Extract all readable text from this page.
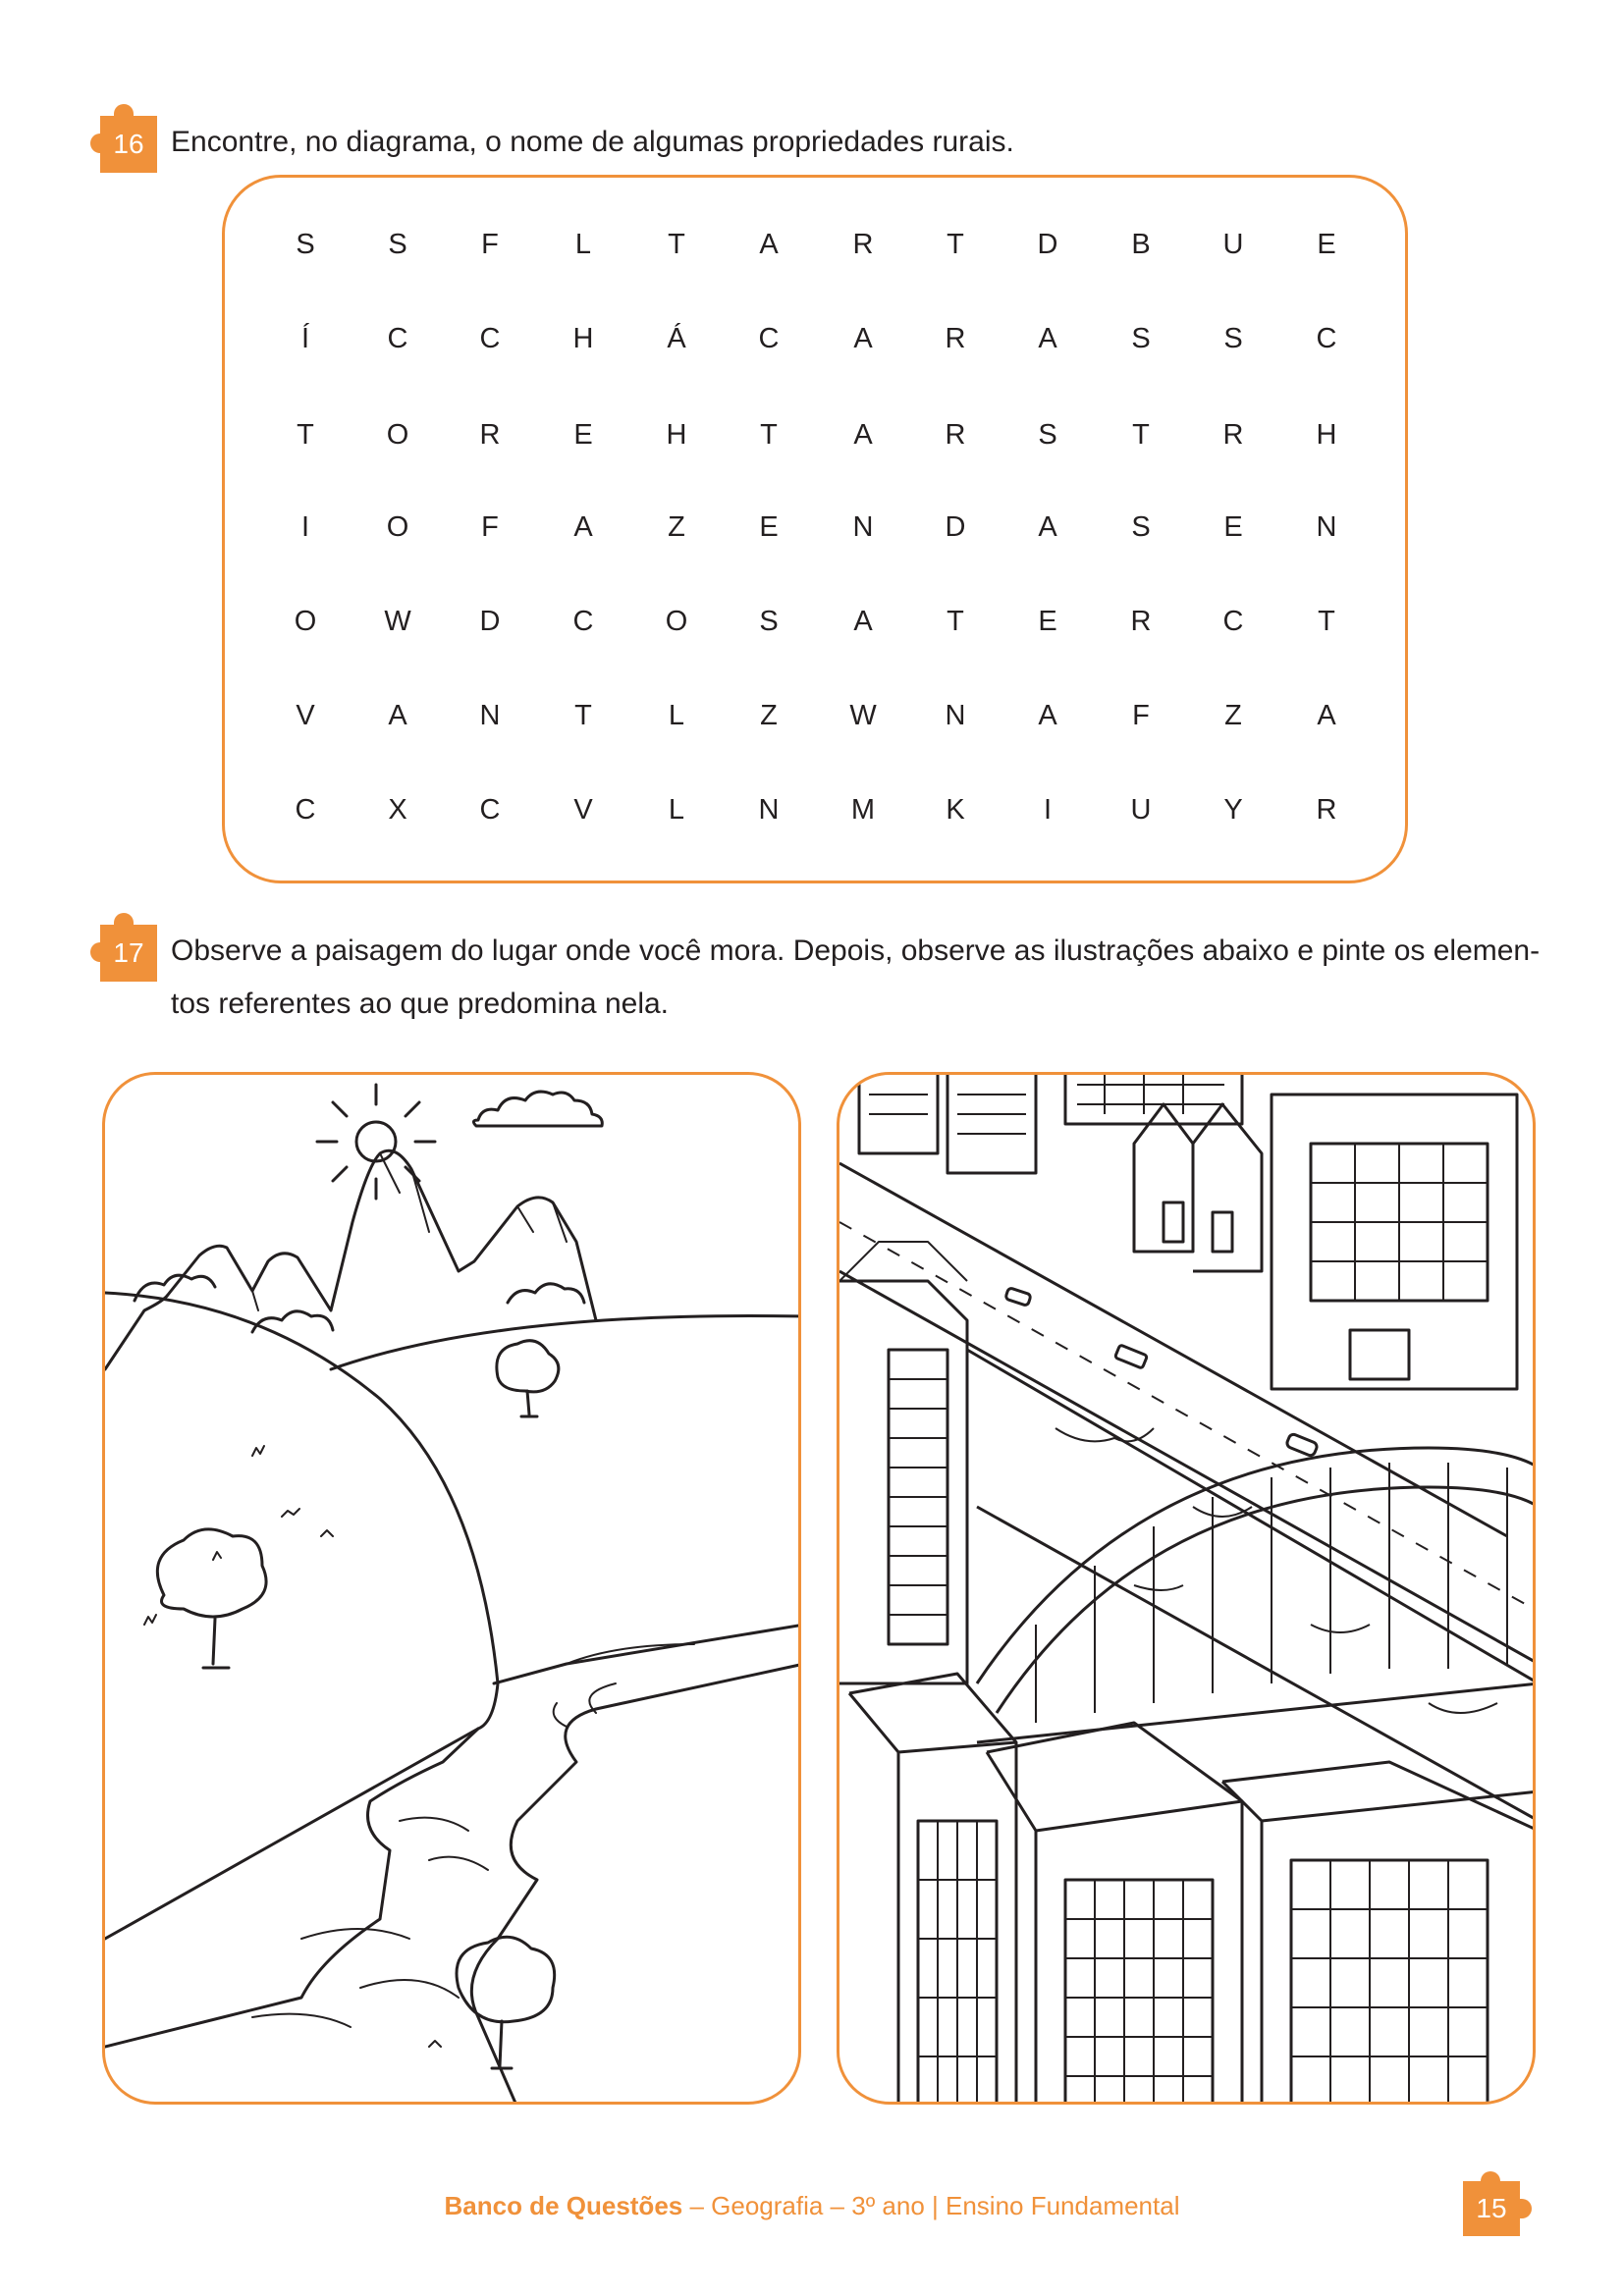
16 Encontre, no diagrama, o nome de algumas propriedades rurais.
S	S	F	L	T	A	R	T	D	B	U	E
Í	C	C	H	Á	C	A	R	A	S	S	C
T	O	R	E	H	T	A	R	S	T	R	H
I	O	F	A	Z	E	N	D	A	S	E	N
O	W	D	C	O	S	A	T	E	R	C	T
V	A	N	T	L	Z	W	N	A	F	Z	A
C	X	C	V	L	N	M	K	I	U	Y	R
17 Observe a paisagem do lugar onde você mora. Depois, observe as ilustrações abaixo e pinte os elemen-
tos referentes ao que predomina nela.
Banco de Questões – Geografia – 3º ano | Ensino Fundamental	15
